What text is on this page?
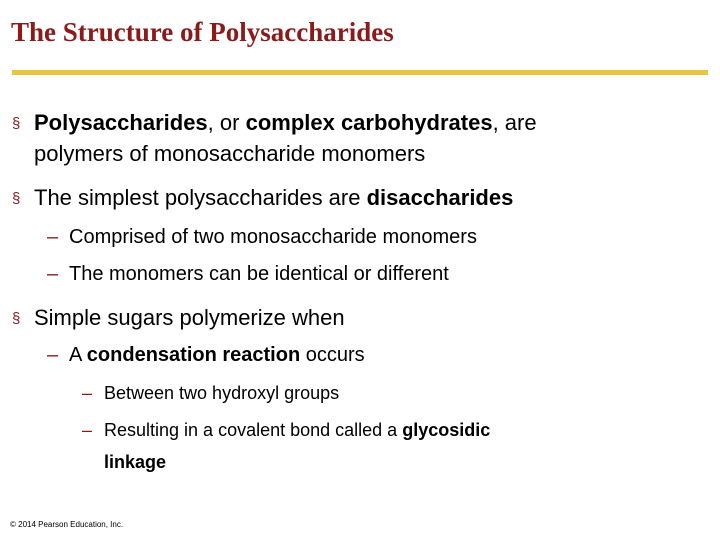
The Structure of Polysaccharides

§ Polysaccharides, or complex carbohydrates, are
polymers of monosaccharide monomers

§ The simplest polysaccharides are disaccharides

– Comprised of two monosaccharide monomers

– The monomers can be identical or different

§ Simple sugars polymerize when

– A condensation reaction occurs

– Between two hydroxyl groups

– Resulting in a covalent bond called a glycosidic
linkage

© 2014 Pearson Education, Inc.
